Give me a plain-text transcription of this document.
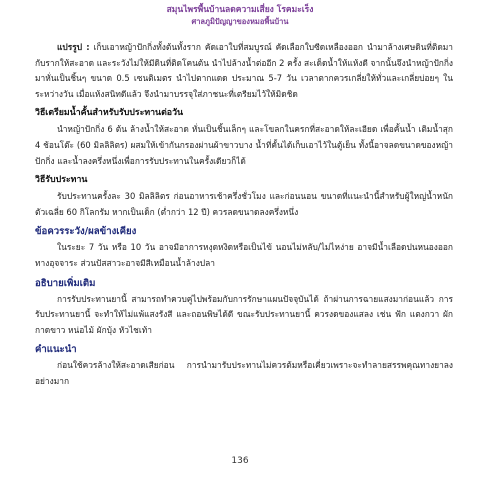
สมุนไพรพื้นบ้านลดความเสี่ยง โรคมะเร็ง
ศาลภูมิปัญญาของหมอพื้นบ้าน

แปรรูป : เก็บเอาหญ้าปักกิ่งทั้งต้นทั้งราก คัดเอาใบที่สมบูรณ์ คัดเลือกใบซีดเหลืองออก นำมาล้างเศษดินที่ติดมากับรากให้สะอาด และระวังไม่ให้มีดินที่ติดโคนต้น นำไปล้างน้ำต่ออีก 2 ครั้ง สะเด็ดน้ำให้แห้งดี จากนั้นจึงนำหญ้าปักกิ่งมาหั่นเป็นชิ้นๆ ขนาด 0.5 เซนติเมตร นำไปตากแดด ประมาณ 5-7 วัน เวลาตากควรเกลี่ยให้ทั่วและเกลี่ยบ่อยๆ ในระหว่างวัน เมื่อแห้งสนิทดีแล้ว จึงนำมาบรรจุใส่ภาชนะที่เตรียมไว้ให้มิดชิด

วิธีเตรียมน้ำคั้นสำหรับรับประทานต่อวัน

นำหญ้าปักกิ่ง 6 ต้น ล้างน้ำให้สะอาด หั่นเป็นชิ้นเล็กๆ และโขลกในครกที่สะอาดให้ละเอียด เพื่อคั้นน้ำ เติมน้ำสุก 4 ช้อนโต๊ะ (60 มิลลิลิตร) ผสมให้เข้ากันกรองผ่านผ้าขาวบาง น้ำที่คั้นได้เก็บเอาไว้ในตู้เย็น ทั้งนี้อาจลดขนาดของหญ้าปักกิ่ง และน้ำลงครึ่งหนึ่งเพื่อการรับประทานในครั้งเดียวก็ได้

วิธีรับประทาน

รับประทานครั้งละ 30 มิลลิลิตร ก่อนอาหารเช้าครึ่งชั่วโมง และก่อนนอน ขนาดที่แนะนำนี้สำหรับผู้ใหญ่น้ำหนักตัวเฉลี่ย 60 กิโลกรัม หากเป็นเด็ก (ต่ำกว่า 12 ปี) ควรลดขนาดลงครึ่งหนึ่ง

ข้อควรระวัง/ผลข้างเคียง

ในระยะ 7 วัน หรือ 10 วัน อาจมีอาการหงุดหงิดหรือเป็นไข้ นอนไม่หลับ/ไม่ไหง่าย อาจมีน้ำเลือดปนหนองออกทางอุจจาระ ส่วนปัสสาวะอาจมีสีเหมือนน้ำล้างปลา

อธิบายเพิ่มเติม

การรับประทานยานี้ สามารถทำควบคู่ไปพร้อมกับการรักษาแผนปัจจุบันได้ ถ้าผ่านการฉายแสงมาก่อนแล้ว การรับประทานยานี้ จะทำให้ไม่แพ้แสงรังสี และถอนพิษได้ดี ขณะรับประทานยานี้ ควรงดของแสลง เช่น ฟัก แตงกวา ผักกาดขาว หน่อไม้ ผักบุ้ง หัวไชเท้า

คำแนะนำ

ก่อนใช้ควรล้างให้สะอาดเสียก่อน การนำมารับประทานไม่ควรต้มหรือเคี่ยวเพราะจะทำลายสรรพคุณทางยาลงอย่างมาก

136
